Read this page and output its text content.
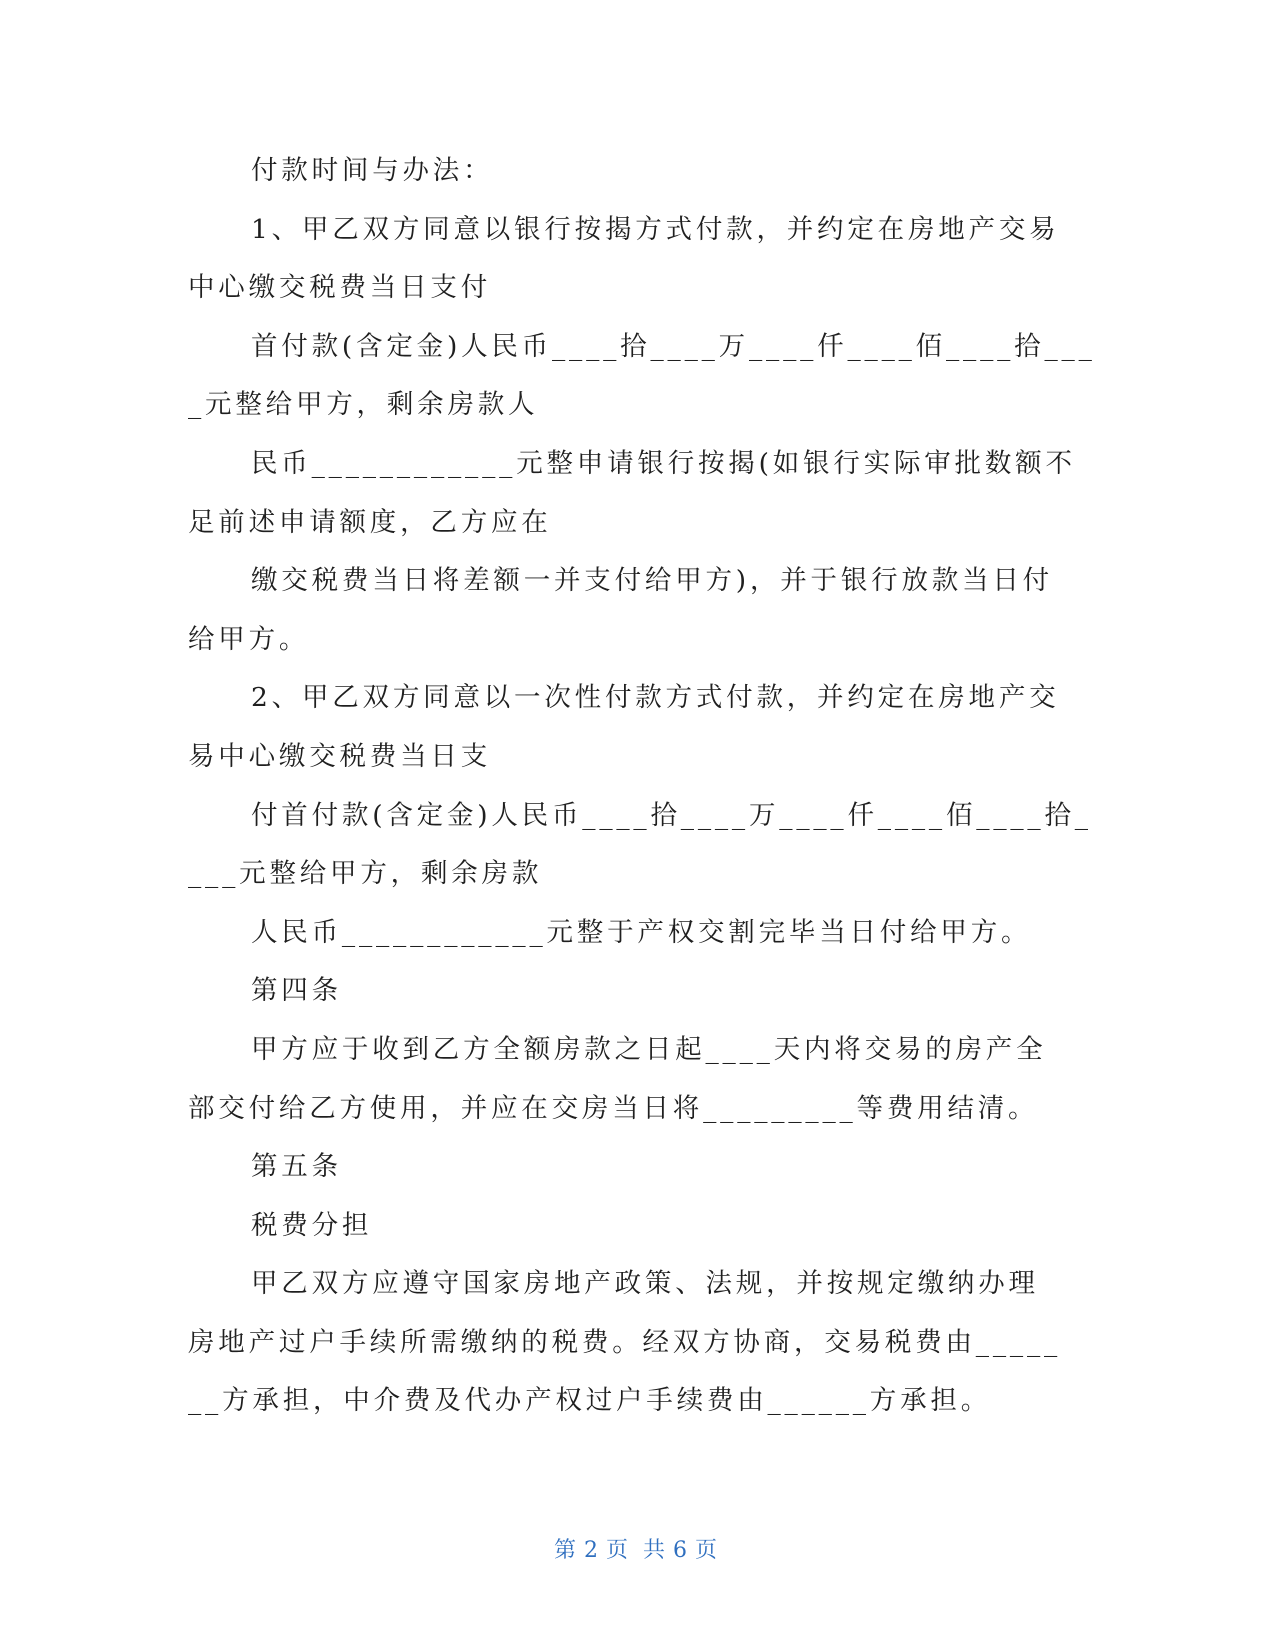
付款时间与办法：
1、甲乙双方同意以银行按揭方式付款，并约定在房地产交易
中心缴交税费当日支付
首付款(含定金)人民币____拾____万____仟____佰____拾___
_元整给甲方，剩余房款人
民币____________元整申请银行按揭(如银行实际审批数额不
足前述申请额度，乙方应在
缴交税费当日将差额一并支付给甲方)，并于银行放款当日付
给甲方。
2、甲乙双方同意以一次性付款方式付款，并约定在房地产交
易中心缴交税费当日支
付首付款(含定金)人民币____拾____万____仟____佰____拾_
___元整给甲方，剩余房款
人民币____________元整于产权交割完毕当日付给甲方。
第四条
甲方应于收到乙方全额房款之日起____天内将交易的房产全
部交付给乙方使用，并应在交房当日将_________等费用结清。
第五条
税费分担
甲乙双方应遵守国家房地产政策、法规，并按规定缴纳办理
房地产过户手续所需缴纳的税费。经双方协商，交易税费由_____
__方承担，中介费及代办产权过户手续费由______方承担。
第 2 页 共 6 页
